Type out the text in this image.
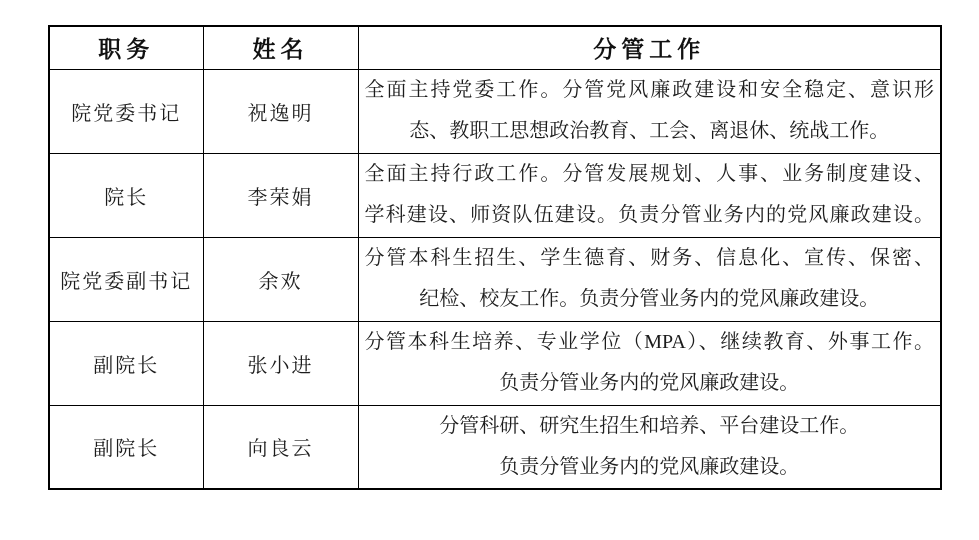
职务	姓名	分管工作
院党委书记	祝逸明	全面主持党委工作。分管党风廉政建设和安全稳定、意识形
态、教职工思想政治教育、工会、离退休、统战工作。

院长	李荣娟	全面主持行政工作。分管发展规划、人事、业务制度建设、
学科建设、师资队伍建设。负责分管业务内的党风廉政建设。

院党委副书记	余欢	分管本科生招生、学生德育、财务、信息化、宣传、保密、
纪检、校友工作。负责分管业务内的党风廉政建设。

副院长	张小进	分管本科生培养、专业学位（MPA）、继续教育、外事工作。
负责分管业务内的党风廉政建设。

副院长	向良云	分管科研、研究生招生和培养、平台建设工作。
负责分管业务内的党风廉政建设。
